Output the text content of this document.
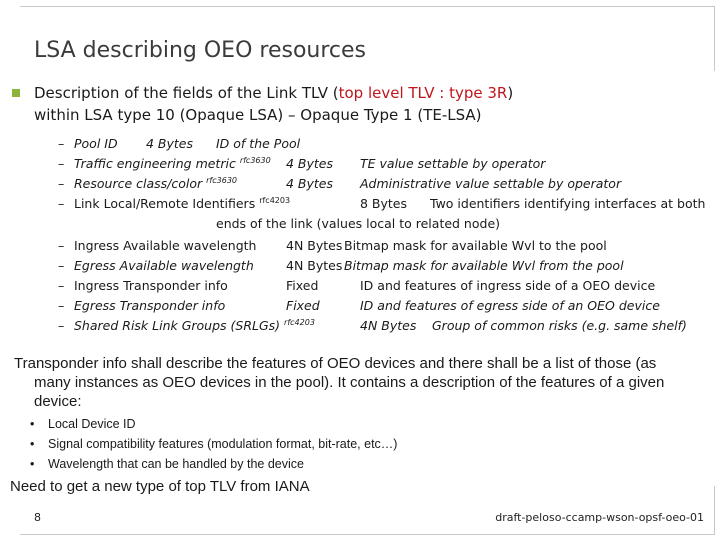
LSA describing OEO resources
Description of the fields of the Link TLV (top level TLV : type 3R)
within LSA type 10 (Opaque LSA) – Opaque Type 1 (TE-LSA)
– Pool ID 4 Bytes ID of the Pool
– Traffic engineering metric $^{rfc3630}$ 4 Bytes TE value settable by operator
– Resource class/color $^{rfc3630}$	4 Bytes Administrative value settable by operator
– Link Local/Remote Identifiers $^{rfc4203}$	8 Bytes Two identifiers identifying interfaces at both
ends of the link (values local to related node)
– Ingress Available wavelength 4N Bytes Bitmap mask for available Wvl to the pool
– Egress Available wavelength	4N Bytes Bitmap mask for available Wvl from the pool
– Ingress Transponder info	Fixed	ID and features of ingress side of a OEO device
– Egress Transponder info	Fixed	ID and features of egress side of an OEO device
– Shared Risk Link Groups (SRLGs) $^{rfc4203}$	4N Bytes Group of common risks (e.g. same shelf)
Transponder info shall describe the features of OEO devices and there shall be a list of those (as
many instances as OEO devices in the pool). It contains a description of the features of a given
device:
• Local Device ID
• Signal compatibility features (modulation format, bit-rate, etc…)
• Wavelength that can be handled by the device
Need to get a new type of top TLV from IANA
8	draft-peloso-ccamp-wson-opsf-oeo-01
